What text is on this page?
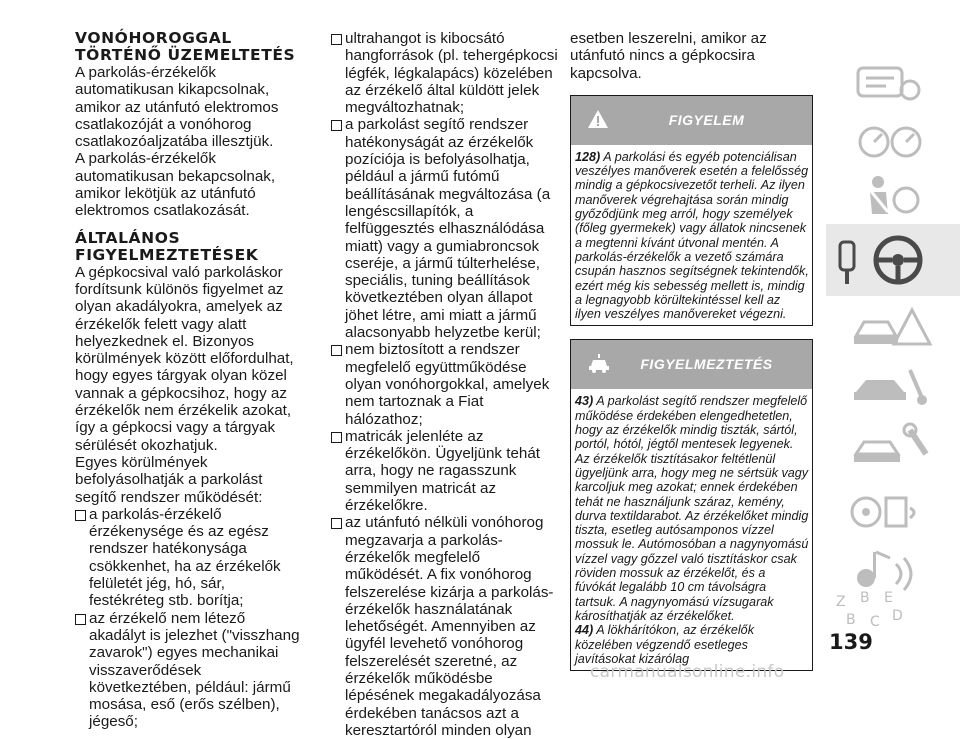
VONÓHOROGGAL
TÖRTÉNŐ ÜZEMELTETÉS

A parkolás-érzékelők automatikusan kikapcsolnak, amikor az utánfutó elektromos csatlakozóját a vonóhorog csatlakozóaljzatába illesztjük.

A parkolás-érzékelők automatikusan bekapcsolnak, amikor lekötjük az utánfutó elektromos csatlakozását.

ÁLTALÁNOS
FIGYELMEZTETÉSEK

A gépkocsival való parkoláskor fordítsunk különös figyelmet az olyan akadályokra, amelyek az érzékelők felett vagy alatt helyezkednek el. Bizonyos körülmények között előfordulhat, hogy egyes tárgyak olyan közel vannak a gépkocsihoz, hogy az érzékelők nem érzékelik azokat, így a gépkocsi vagy a tárgyak sérülését okozhatjuk.

Egyes körülmények befolyásolhatják a parkolást segítő rendszer működését:

a parkolás-érzékelő érzékenysége és az egész rendszer hatékonysága csökkenhet, ha az érzékelők felületét jég, hó, sár, festékréteg stb. borítja;
az érzékelő nem létező akadályt is jelezhet ("visszhang zavarok") egyes mechanikai visszaverődések következtében, például: jármű mosása, eső (erős szélben), jégeső;
ultrahangot is kibocsátó hangforrások (pl. tehergépkocsi légfék, légkalapács) közelében az érzékelő által küldött jelek megváltozhatnak;
a parkolást segítő rendszer hatékonyságát az érzékelők pozíciója is befolyásolhatja, például a jármű futómű beállításának megváltozása (a lengéscsillapítók, a felfüggesztés elhasználódása miatt) vagy a gumiabroncsok cseréje, a jármű túlterhelése, speciális, tuning beállítások következtében olyan állapot jöhet létre, ami miatt a jármű alacsonyabb helyzetbe kerül;
nem biztosított a rendszer megfelelő együttműködése olyan vonóhorgokkal, amelyek nem tartoznak a Fiat hálózathoz;
matricák jelenléte az érzékelőkön. Ügyeljünk tehát arra, hogy ne ragasszunk semmilyen matricát az érzékelőkre.
az utánfutó nélküli vonóhorog megzavarja a parkolás-érzékelők megfelelő működését. A fix vonóhorog felszerelése kizárja a parkolás-érzékelők használatának lehetőségét. Amennyiben az ügyfél levehető vonóhorog felszerelését szeretné, az érzékelők működésbe lépésének megakadályozása érdekében tanácsos azt a keresztartóról minden olyan

esetben leszerelni, amikor az utánfutó nincs a gépkocsira kapcsolva.

FIGYELEM
128) A parkolási és egyéb potenciálisan veszélyes manőverek esetén a felelősség mindig a gépkocsivezetőt terheli. Az ilyen manőverek végrehajtása során mindig győződjünk meg arról, hogy személyek (főleg gyermekek) vagy állatok nincsenek a megtenni kívánt útvonal mentén. A parkolás-érzékelők a vezető számára csupán hasznos segítségnek tekintendők, ezért még kis sebesség mellett is, mindig a legnagyobb körültekintéssel kell az ilyen veszélyes manővereket végezni.
FIGYELMEZTETÉS
43) A parkolást segítő rendszer megfelelő működése érdekében elengedhetetlen, hogy az érzékelők mindig tiszták, sártól, portól, hótól, jégtől mentesek legyenek. Az érzékelők tisztításakor feltétlenül ügyeljünk arra, hogy meg ne sértsük vagy karcoljuk meg azokat; ennek érdekében tehát ne használjunk száraz, kemény, durva textildarabot. Az érzékelőket mindig tiszta, esetleg autósamponos vízzel mossuk le. Autómosóban a nagynyomású vízzel vagy gőzzel való tisztításkor csak röviden mossuk az érzékelőt, és a fúvókát legalább 10 cm távolságra tartsuk. A nagynyomású vízsugarak károsíthatják az érzékelőket.
44) A lökhárítókon, az érzékelők közelében végzendő esetleges javításokat kizárólag
Z B E
B C D
139
carmanualsonline.info
